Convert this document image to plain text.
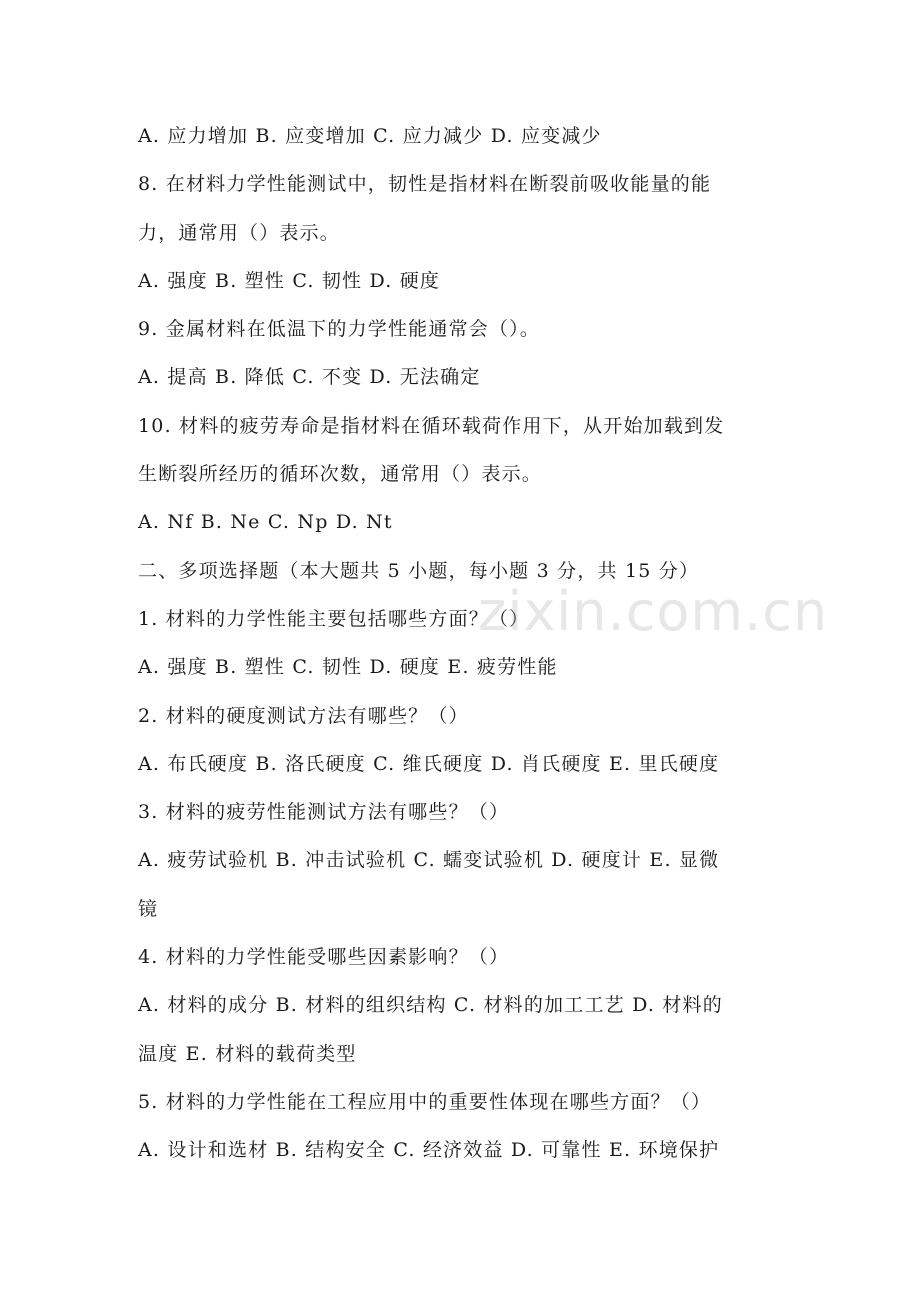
A. 应力增加 B. 应变增加 C. 应力减少 D. 应变减少
8. 在材料力学性能测试中，韧性是指材料在断裂前吸收能量的能
力，通常用（）表示。
A. 强度 B. 塑性 C. 韧性 D. 硬度
9. 金属材料在低温下的力学性能通常会（）。
A. 提高 B. 降低 C. 不变 D. 无法确定
10. 材料的疲劳寿命是指材料在循环载荷作用下，从开始加载到发
生断裂所经历的循环次数，通常用（）表示。
A. Nf B. Ne C. Np D. Nt
二、多项选择题（本大题共 5 小题，每小题 3 分，共 15 分）
1. 材料的力学性能主要包括哪些方面？（）
A. 强度 B. 塑性 C. 韧性 D. 硬度 E. 疲劳性能
2. 材料的硬度测试方法有哪些？（）
A. 布氏硬度 B. 洛氏硬度 C. 维氏硬度 D. 肖氏硬度 E. 里氏硬度
3. 材料的疲劳性能测试方法有哪些？（）
A. 疲劳试验机 B. 冲击试验机 C. 蠕变试验机 D. 硬度计 E. 显微
镜
4. 材料的力学性能受哪些因素影响？（）
A. 材料的成分 B. 材料的组织结构 C. 材料的加工工艺 D. 材料的
温度 E. 材料的载荷类型
5. 材料的力学性能在工程应用中的重要性体现在哪些方面？（）
A. 设计和选材 B. 结构安全 C. 经济效益 D. 可靠性 E. 环境保护
zixin.com.cn
